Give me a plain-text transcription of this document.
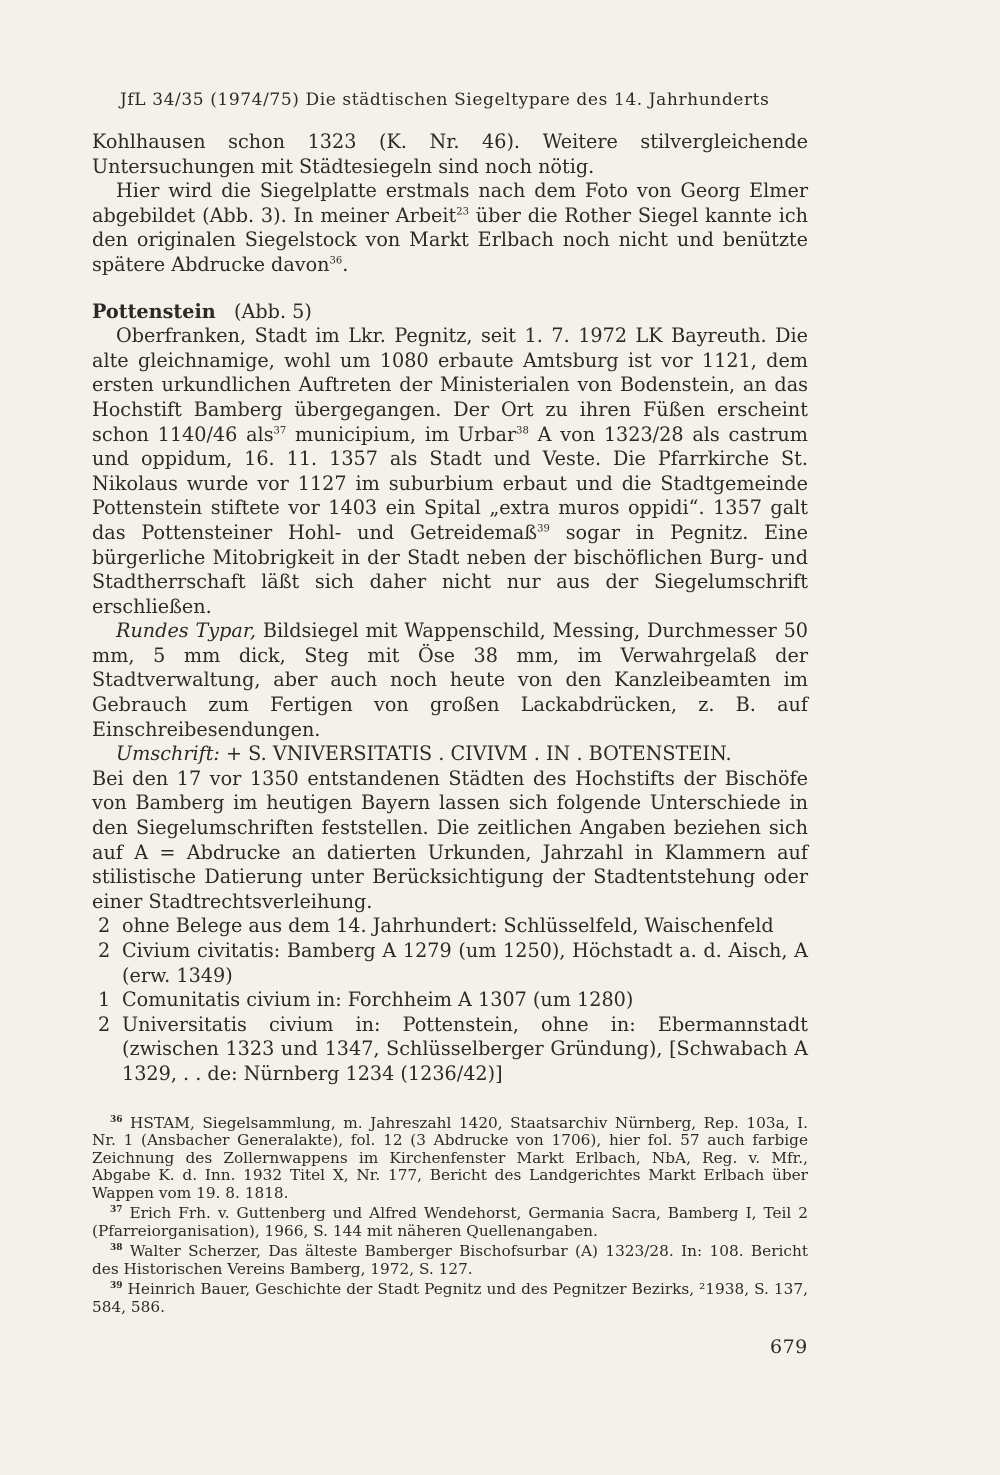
JfL 34/35 (1974/75) Die städtischen Siegeltypare des 14. Jahrhunderts

Kohlhausen schon 1323 (K. Nr. 46). Weitere stilvergleichende Untersuchungen mit Städtesiegeln sind noch nötig.

Hier wird die Siegelplatte erstmals nach dem Foto von Georg Elmer abgebildet (Abb. 3). In meiner Arbeit$^{23}$ über die Rother Siegel kannte ich den originalen Siegelstock von Markt Erlbach noch nicht und benützte spätere Abdrucke davon$^{36}$.

Pottenstein (Abb. 5)

Oberfranken, Stadt im Lkr. Pegnitz, seit 1. 7. 1972 LK Bayreuth. Die alte gleichnamige, wohl um 1080 erbaute Amtsburg ist vor 1121, dem ersten urkundlichen Auftreten der Ministerialen von Bodenstein, an das Hochstift Bamberg übergegangen. Der Ort zu ihren Füßen erscheint schon 1140/46 als$^{37}$ municipium, im Urbar$^{38}$ A von 1323/28 als castrum und oppidum, 16. 11. 1357 als Stadt und Veste. Die Pfarrkirche St. Nikolaus wurde vor 1127 im suburbium erbaut und die Stadtgemeinde Pottenstein stiftete vor 1403 ein Spital „extra muros oppidi“. 1357 galt das Pottensteiner Hohl- und Getreidemaß$^{39}$ sogar in Pegnitz. Eine bürgerliche Mitobrigkeit in der Stadt neben der bischöflichen Burg- und Stadtherrschaft läßt sich daher nicht nur aus der Siegelumschrift erschließen.

Rundes Typar, Bildsiegel mit Wappenschild, Messing, Durchmesser 50 mm, 5 mm dick, Steg mit Öse 38 mm, im Verwahrgelaß der Stadtverwaltung, aber auch noch heute von den Kanzleibeamten im Gebrauch zum Fertigen von großen Lackabdrücken, z. B. auf Einschreibesendungen.

Umschrift: + S. VNIVERSITATIS . CIVIVM . IN . BOTENSTEIN.

Bei den 17 vor 1350 entstandenen Städten des Hochstifts der Bischöfe von Bamberg im heutigen Bayern lassen sich folgende Unterschiede in den Siegelumschriften feststellen. Die zeitlichen Angaben beziehen sich auf A = Abdrucke an datierten Urkunden, Jahrzahl in Klammern auf stilistische Datierung unter Berücksichtigung der Stadtentstehung oder einer Stadtrechtsverleihung.

2 ohne Belege aus dem 14. Jahrhundert: Schlüsselfeld, Waischenfeld
2 Civium civitatis: Bamberg A 1279 (um 1250), Höchstadt a. d. Aisch, A (erw. 1349)
1 Comunitatis civium in: Forchheim A 1307 (um 1280)
2 Universitatis civium in: Pottenstein, ohne in: Ebermannstadt (zwischen 1323 und 1347, Schlüsselberger Gründung), [Schwabach A 1329, . . de: Nürnberg 1234 (1236/42)]
$^{36}$ HSTAM, Siegelsammlung, m. Jahreszahl 1420, Staatsarchiv Nürnberg, Rep. 103a, I. Nr. 1 (Ansbacher Generalakte), fol. 12 (3 Abdrucke von 1706), hier fol. 57 auch farbige Zeichnung des Zollernwappens im Kirchenfenster Markt Erlbach, NbA, Reg. v. Mfr., Abgabe K. d. Inn. 1932 Titel X, Nr. 177, Bericht des Landgerichtes Markt Erlbach über Wappen vom 19. 8. 1818.
$^{37}$ Erich Frh. v. Guttenberg und Alfred Wendehorst, Germania Sacra, Bamberg I, Teil 2 (Pfarreiorganisation), 1966, S. 144 mit näheren Quellenangaben.
$^{38}$ Walter Scherzer, Das älteste Bamberger Bischofsurbar (A) 1323/28. In: 108. Bericht des Historischen Vereins Bamberg, 1972, S. 127.
$^{39}$ Heinrich Bauer, Geschichte der Stadt Pegnitz und des Pegnitzer Bezirks, ²1938, S. 137, 584, 586.
679
